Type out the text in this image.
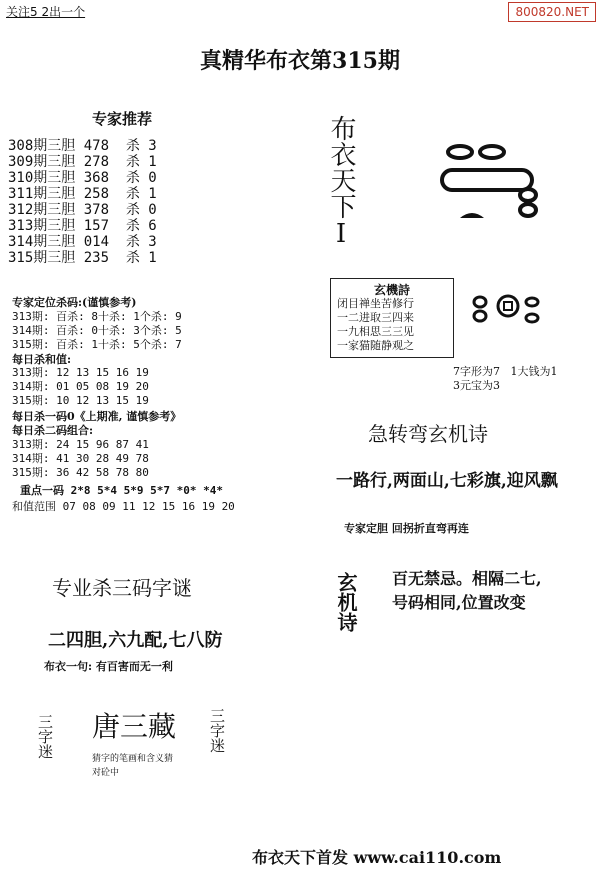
关注5 2出一个	800820.NET
真精华布衣第315期
专家推荐
308期三胆 478  杀 3
309期三胆 278  杀 1
310期三胆 368  杀 0
311期三胆 258  杀 1
312期三胆 378  杀 0
313期三胆 157  杀 6
314期三胆 014  杀 3
315期三胆 235  杀 1
布衣天下I
专家定位杀码:(谨慎参考)
313期: 百杀: 8十杀: 1个杀: 9
314期: 百杀: 0十杀: 3个杀: 5
315期: 百杀: 1十杀: 5个杀: 7
每日杀和值:
313期: 12 13 15 16 19
314期: 01 05 08 19 20
315期: 10 12 13 15 19
每日杀一码0《上期准, 谨慎参考》
每日杀二码组合:
313期: 24 15 96 87 41
314期: 41 30 28 49 78
315期: 36 42 58 78 80
重点一码 2*8 5*4 5*9 5*7 *0* *4*
和值范围 07 08 09 11 12 15 16 19 20
玄機詩
闭目禅坐苦修行
一二进取三四来
一九相思三三见
一家猫随静观之
7字形为7   1大钱为1
3元宝为3
急转弯玄机诗
一路行,两面山,七彩旗,迎风飘
专家定胆 回拐折直弯再连
玄机诗 百无禁忌。相隔二七,
号码相同,位置改变
专业杀三码字谜
二四胆,六九配,七八防
布衣一句: 有百害而无一利
三字迷 唐三藏 三字迷
猜字的笔画和含义猜
对砼中
布衣天下首发 www.cai110.com
